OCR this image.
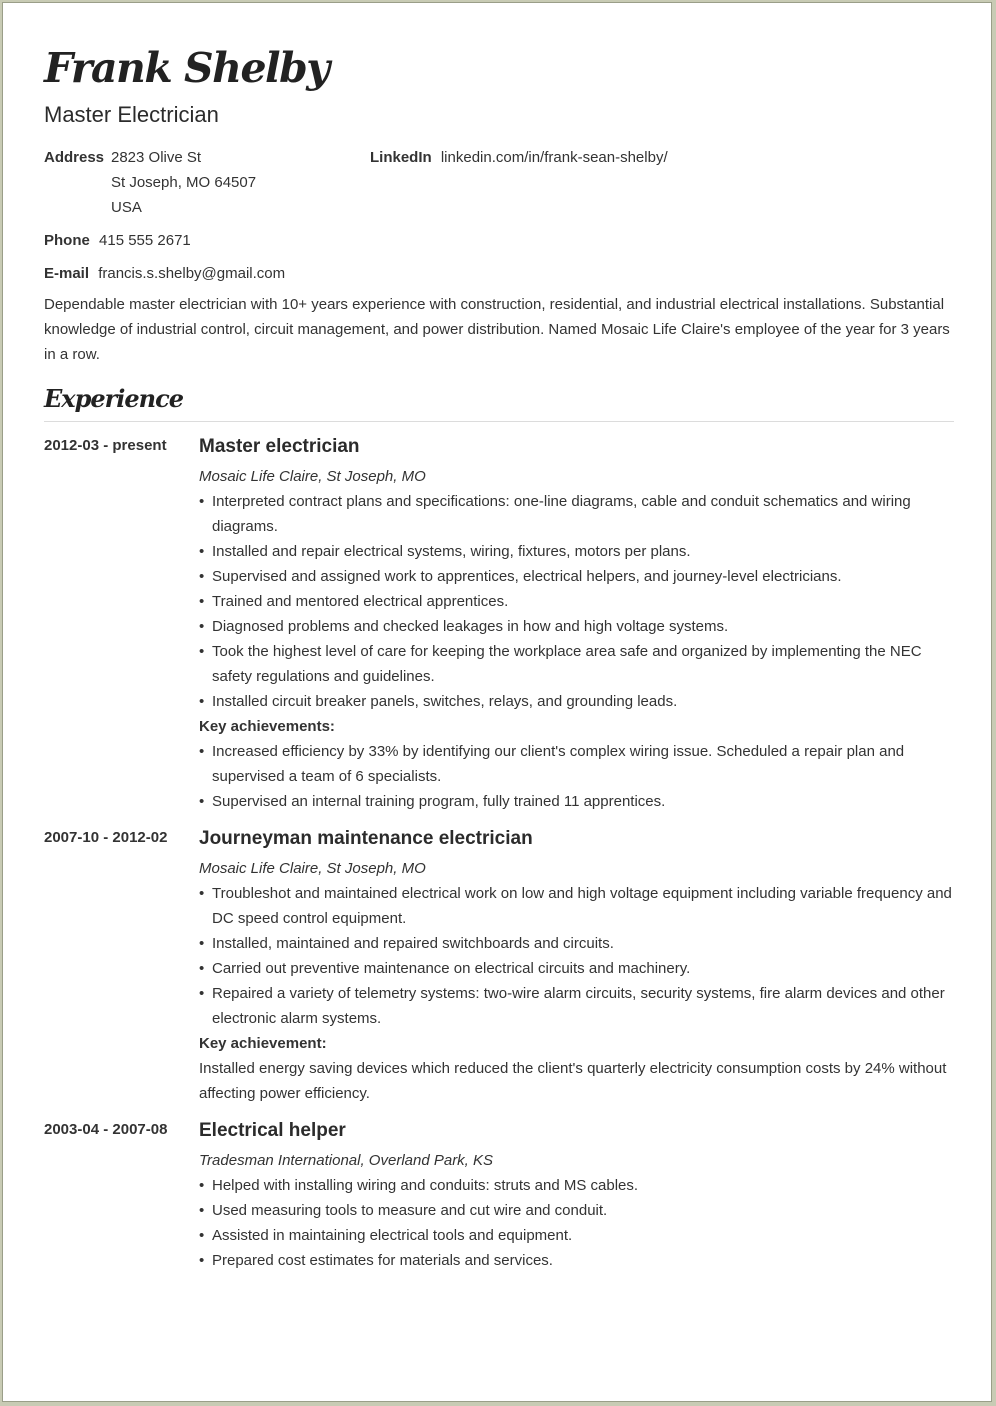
Frank Shelby
Master Electrician
Address 2823 Olive St
St Joseph, MO 64507
USA
LinkedIn linkedin.com/in/frank-sean-shelby/
Phone 415 555 2671
E-mail francis.s.shelby@gmail.com
Dependable master electrician with 10+ years experience with construction, residential, and industrial electrical installations. Substantial knowledge of industrial control, circuit management, and power distribution. Named Mosaic Life Claire's employee of the year for 3 years in a row.
Experience
2012-03 - present Master electrician
Mosaic Life Claire, St Joseph, MO
• Interpreted contract plans and specifications: one-line diagrams, cable and conduit schematics and wiring diagrams.
• Installed and repair electrical systems, wiring, fixtures, motors per plans.
• Supervised and assigned work to apprentices, electrical helpers, and journey-level electricians.
• Trained and mentored electrical apprentices.
• Diagnosed problems and checked leakages in how and high voltage systems.
• Took the highest level of care for keeping the workplace area safe and organized by implementing the NEC safety regulations and guidelines.
• Installed circuit breaker panels, switches, relays, and grounding leads.
Key achievements:
• Increased efficiency by 33% by identifying our client's complex wiring issue. Scheduled a repair plan and supervised a team of 6 specialists.
• Supervised an internal training program, fully trained 11 apprentices.
2007-10 - 2012-02 Journeyman maintenance electrician
Mosaic Life Claire, St Joseph, MO
• Troubleshot and maintained electrical work on low and high voltage equipment including variable frequency and DC speed control equipment.
• Installed, maintained and repaired switchboards and circuits.
• Carried out preventive maintenance on electrical circuits and machinery.
• Repaired a variety of telemetry systems: two-wire alarm circuits, security systems, fire alarm devices and other electronic alarm systems.
Key achievement:
Installed energy saving devices which reduced the client's quarterly electricity consumption costs by 24% without affecting power efficiency.
2003-04 - 2007-08 Electrical helper
Tradesman International, Overland Park, KS
• Helped with installing wiring and conduits: struts and MS cables.
• Used measuring tools to measure and cut wire and conduit.
• Assisted in maintaining electrical tools and equipment.
• Prepared cost estimates for materials and services.
